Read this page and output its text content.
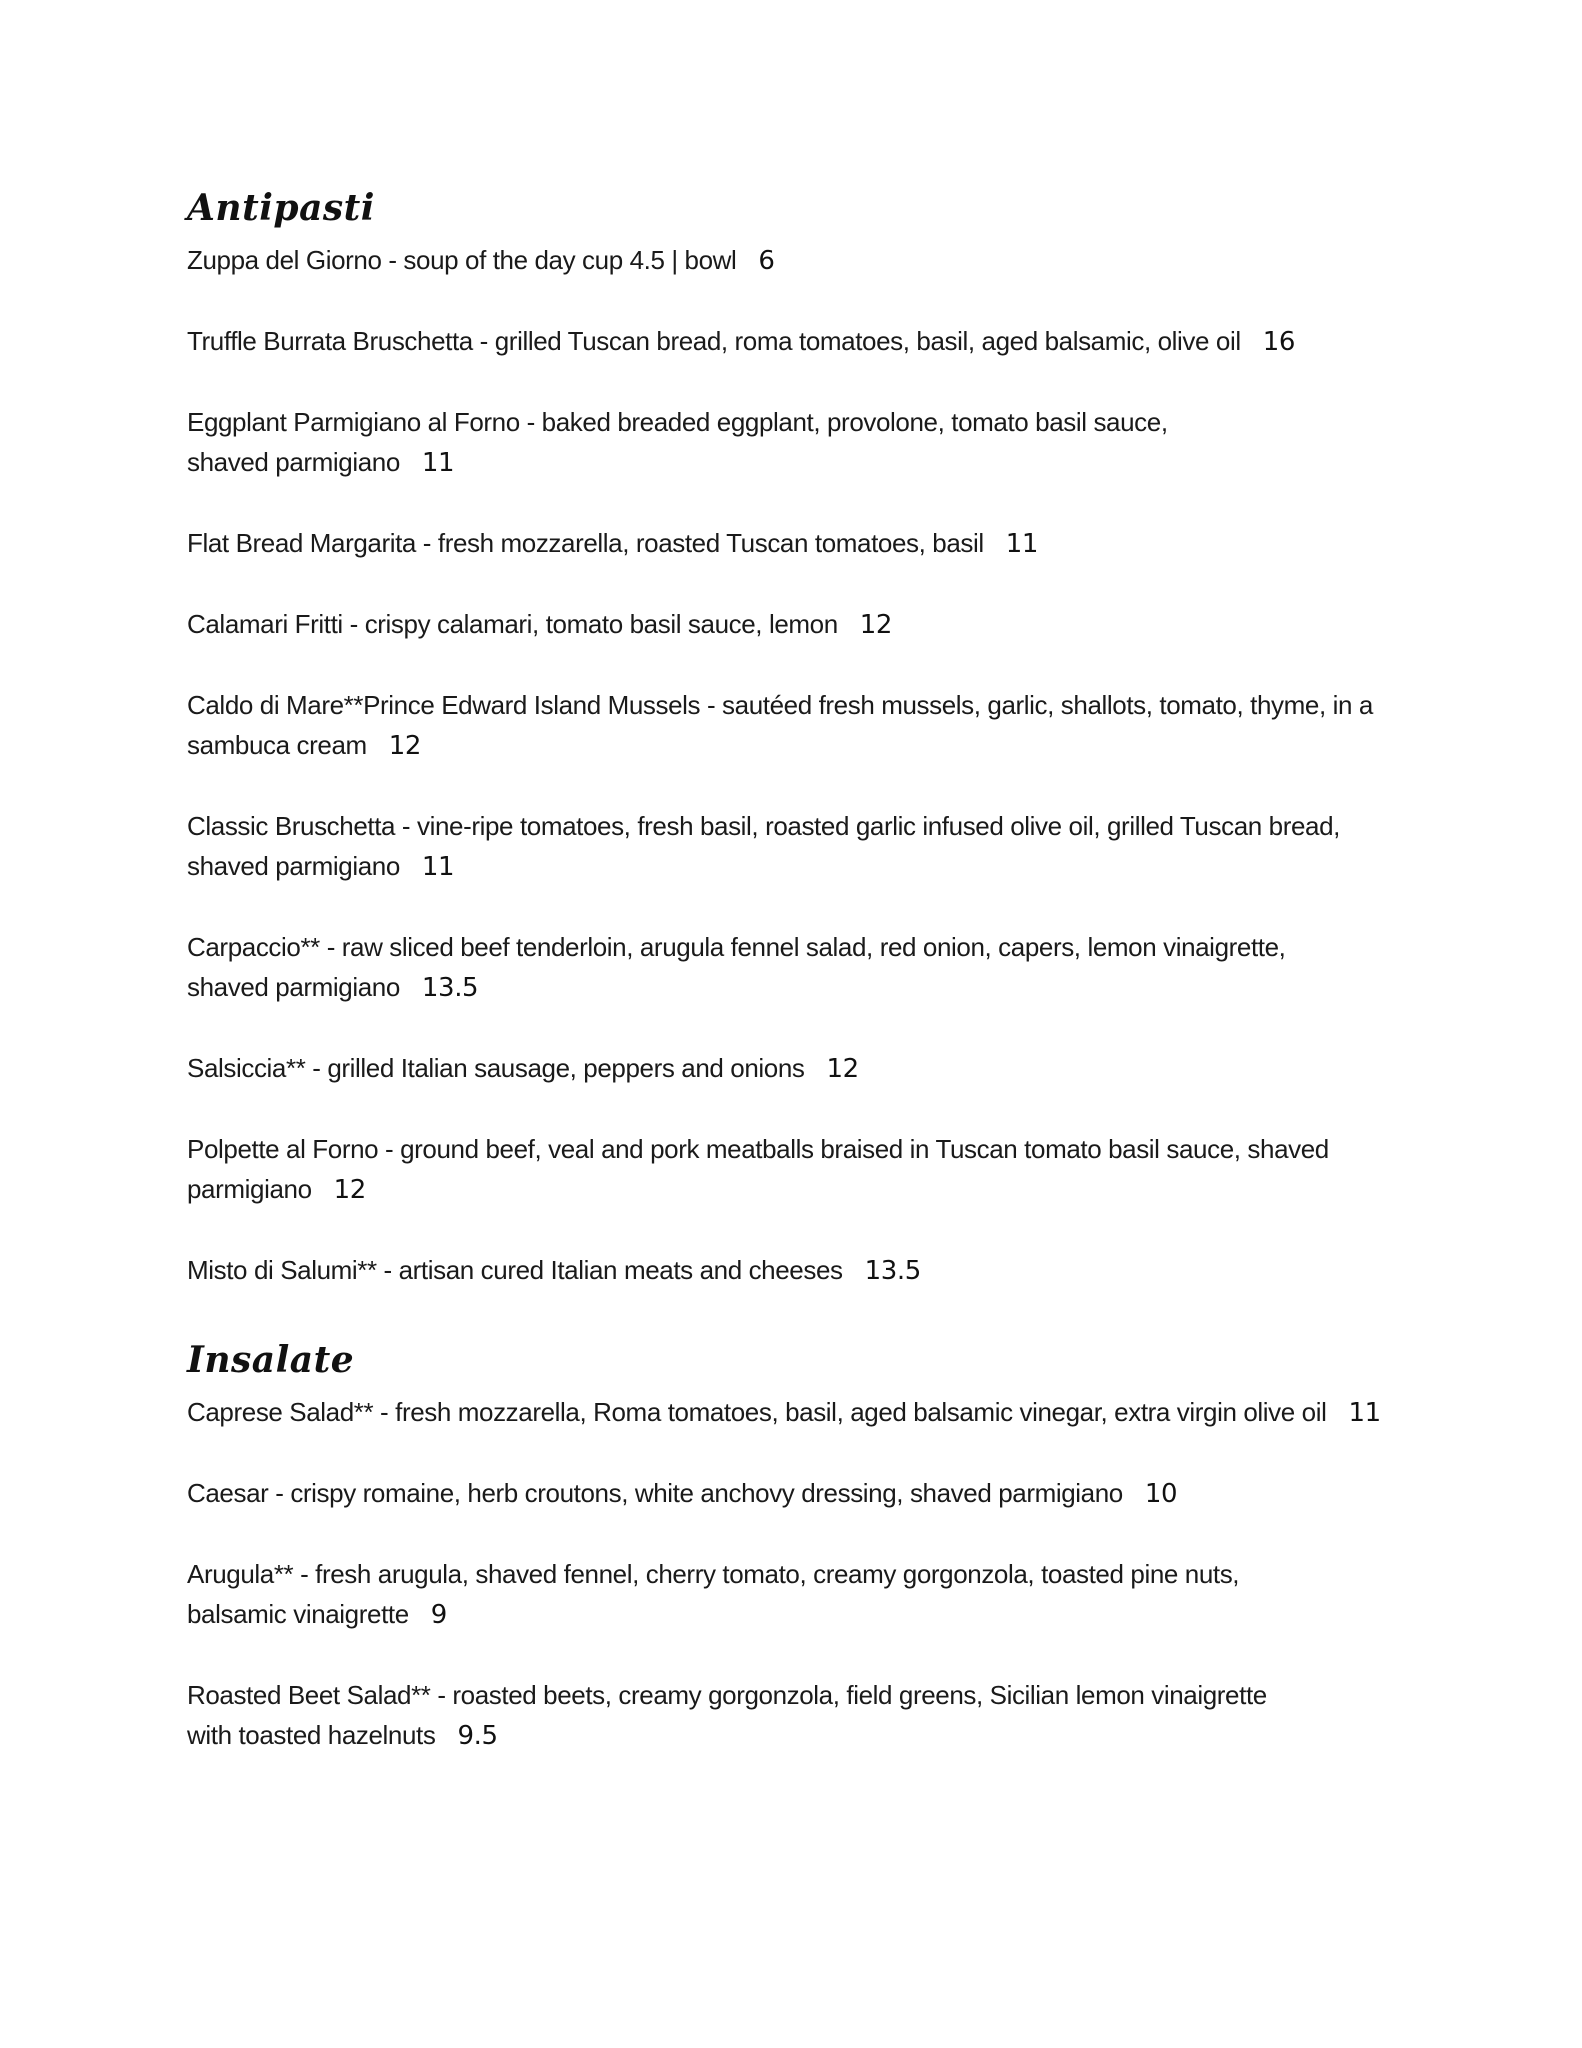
Antipasti

Zuppa del Giorno - soup of the day cup 4.5 | bowl 6

Truffle Burrata Bruschetta - grilled Tuscan bread, roma tomatoes, basil, aged balsamic, olive oil 16

Eggplant Parmigiano al Forno - baked breaded eggplant, provolone, tomato basil sauce,
shaved parmigiano 11

Flat Bread Margarita - fresh mozzarella, roasted Tuscan tomatoes, basil 11

Calamari Fritti - crispy calamari, tomato basil sauce, lemon 12

Caldo di Mare**Prince Edward Island Mussels - sautéed fresh mussels, garlic, shallots, tomato, thyme, in a
sambuca cream 12

Classic Bruschetta - vine-ripe tomatoes, fresh basil, roasted garlic infused olive oil, grilled Tuscan bread,
shaved parmigiano 11

Carpaccio** - raw sliced beef tenderloin, arugula fennel salad, red onion, capers, lemon vinaigrette,
shaved parmigiano 13.5

Salsiccia** - grilled Italian sausage, peppers and onions 12

Polpette al Forno - ground beef, veal and pork meatballs braised in Tuscan tomato basil sauce, shaved
parmigiano 12

Misto di Salumi** - artisan cured Italian meats and cheeses 13.5

Insalate

Caprese Salad** - fresh mozzarella, Roma tomatoes, basil, aged balsamic vinegar, extra virgin olive oil 11

Caesar - crispy romaine, herb croutons, white anchovy dressing, shaved parmigiano 10

Arugula** - fresh arugula, shaved fennel, cherry tomato, creamy gorgonzola, toasted pine nuts,
balsamic vinaigrette 9

Roasted Beet Salad** - roasted beets, creamy gorgonzola, field greens, Sicilian lemon vinaigrette
with toasted hazelnuts 9.5
